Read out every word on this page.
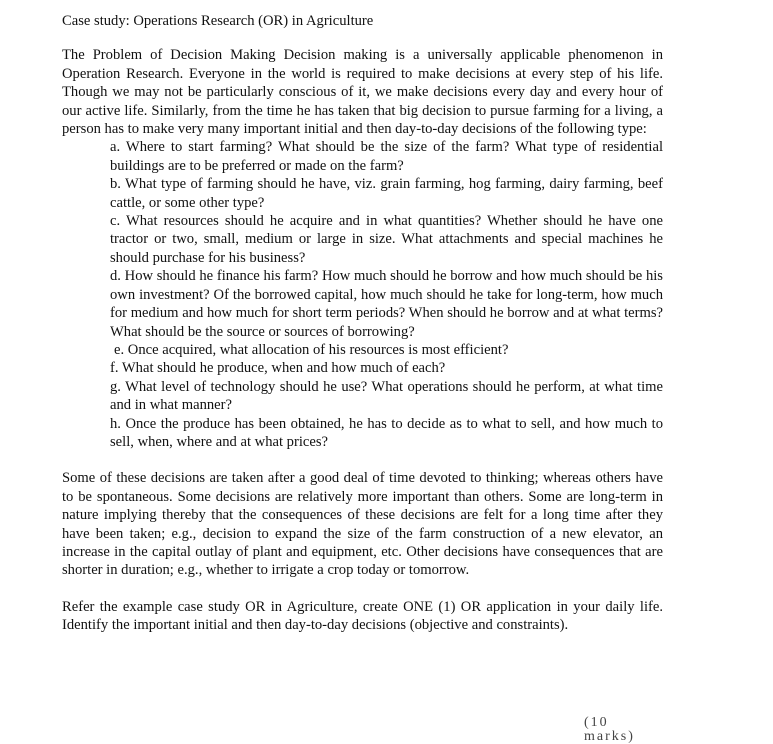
Case study: Operations Research (OR) in Agriculture

The Problem of Decision Making Decision making is a universally applicable phenomenon in Operation Research. Everyone in the world is required to make decisions at every step of his life. Though we may not be particularly conscious of it, we make decisions every day and every hour of our active life. Similarly, from the time he has taken that big decision to pursue farming for a living, a person has to make very many important initial and then day-to-day decisions of the following type:

a. Where to start farming? What should be the size of the farm? What type of residential buildings are to be preferred or made on the farm?
b. What type of farming should he have, viz. grain farming, hog farming, dairy farming, beef cattle, or some other type?
c. What resources should he acquire and in what quantities? Whether should he have one tractor or two, small, medium or large in size. What attachments and special machines he should purchase for his business?
d. How should he finance his farm? How much should he borrow and how much should be his own investment? Of the borrowed capital, how much should he take for long-term, how much for medium and how much for short term periods? When should he borrow and at what terms? What should be the source or sources of borrowing?
e. Once acquired, what allocation of his resources is most efficient?
f. What should he produce, when and how much of each?
g. What level of technology should he use? What operations should he perform, at what time and in what manner?
h. Once the produce has been obtained, he has to decide as to what to sell, and how much to sell, when, where and at what prices?

Some of these decisions are taken after a good deal of time devoted to thinking; whereas others have to be spontaneous. Some decisions are relatively more important than others. Some are long-term in nature implying thereby that the consequences of these decisions are felt for a long time after they have been taken; e.g., decision to expand the size of the farm construction of a new elevator, an increase in the capital outlay of plant and equipment, etc. Other decisions have consequences that are shorter in duration; e.g., whether to irrigate a crop today or tomorrow.

Refer the example case study OR in Agriculture, create ONE (1) OR application in your daily life. Identify the important initial and then day-to-day decisions (objective and constraints).

(10 marks)
